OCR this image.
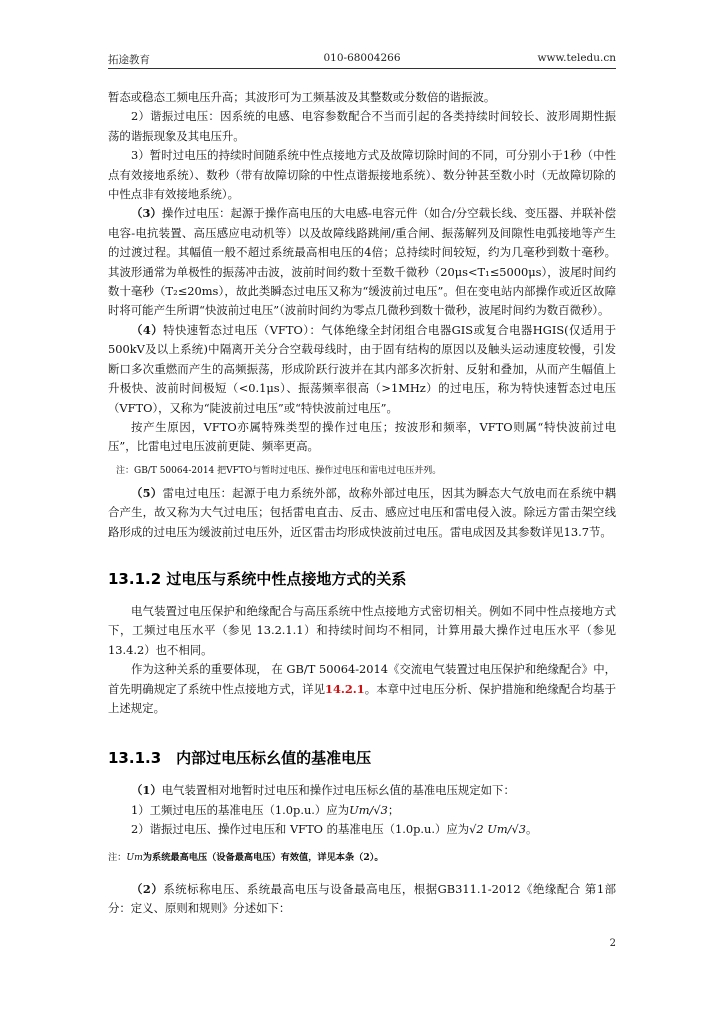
拓途教育	010-68004266	www.teledu.cn

暂态或稳态工频电压升高；其波形可为工频基波及其整数或分数倍的谐振波。

2）谐振过电压：因系统的电感、电容参数配合不当而引起的各类持续时间较长、波形周期性振荡的谐振现象及其电压升。

3）暂时过电压的持续时间随系统中性点接地方式及故障切除时间的不同，可分别小于1秒（中性点有效接地系统）、数秒（带有故障切除的中性点谐振接地系统）、数分钟甚至数小时（无故障切除的中性点非有效接地系统）。

（3）操作过电压：起源于操作高电压的大电感-电容元件（如合/分空载长线、变压器、并联补偿电容-电抗装置、高压感应电动机等）以及故障线路跳闸/重合闸、振荡解列及间隙性电弧接地等产生的过渡过程。其幅值一般不超过系统最高相电压的4倍；总持续时间较短，约为几毫秒到数十毫秒。其波形通常为单极性的振荡冲击波，波前时间约数十至数千微秒（20μs<T₁≤5000μs），波尾时间约数十毫秒（T₂≤20ms），故此类瞬态过电压又称为“缓波前过电压”。但在变电站内部操作或近区故障时将可能产生所谓“快波前过电压”（波前时间约为零点几微秒到数十微秒，波尾时间约为数百微秒）。

（4）特快速暂态过电压（VFTO）：气体绝缘全封闭组合电器GIS或复合电器HGIS(仅适用于500kV及以上系统)中隔离开关分合空载母线时，由于固有结构的原因以及触头运动速度较慢，引发断口多次重燃而产生的高频振荡，形成阶跃行波并在其内部多次折射、反射和叠加，从而产生幅值上升极快、波前时间极短（<0.1μs）、振荡频率很高（>1MHz）的过电压，称为特快速暂态过电压（VFTO），又称为“陡波前过电压”或“特快波前过电压”。

按产生原因，VFTO亦属特殊类型的操作过电压；按波形和频率，VFTO则属“特快波前过电压”，比雷电过电压波前更陡、频率更高。

注：GB/T 50064-2014 把VFTO与暂时过电压、操作过电压和雷电过电压并列。

（5）雷电过电压：起源于电力系统外部，故称外部过电压，因其为瞬态大气放电而在系统中耦合产生，故又称为大气过电压；包括雷电直击、反击、感应过电压和雷电侵入波。除远方雷击架空线路形成的过电压为缓波前过电压外，近区雷击均形成快波前过电压。雷电成因及其参数详见13.7节。

13.1.2 过电压与系统中性点接地方式的关系

电气装置过电压保护和绝缘配合与高压系统中性点接地方式密切相关。例如不同中性点接地方式下，工频过电压水平（参见 13.2.1.1）和持续时间均不相同，计算用最大操作过电压水平（参见13.4.2）也不相同。

作为这种关系的重要体现， 在 GB/T 50064-2014《交流电气装置过电压保护和绝缘配合》中，首先明确规定了系统中性点接地方式，详见14.2.1。本章中过电压分析、保护措施和绝缘配合均基于上述规定。

13.1.3　内部过电压标幺值的基准电压

（1）电气装置相对地暂时过电压和操作过电压标幺值的基准电压规定如下：

1）工频过电压的基准电压（1.0p.u.）应为Um/√3；

2）谐振过电压、操作过电压和 VFTO 的基准电压（1.0p.u.）应为√2 Um/√3。

注：Um为系统最高电压（设备最高电压）有效值，详见本条（2）。

（2）系统标称电压、系统最高电压与设备最高电压，根据GB311.1-2012《绝缘配合 第1部分：定义、原则和规则》分述如下：

2
